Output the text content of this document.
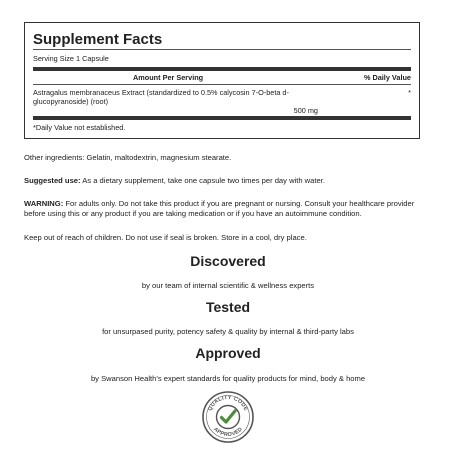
Supplement Facts
Serving Size 1 Capsule
Amount Per Serving	% Daily Value
Astragalus membranaceus Extract (standardized to 0.5% calycosin 7-O-beta d-glucopyranoside) (root)
500 mg
*
*Daily Value not established.

Other ingredients: Gelatin, maltodextrin, magnesium stearate.

Suggested use: As a dietary supplement, take one capsule two times per day with water.

WARNING: For adults only. Do not take this product if you are pregnant or nursing. Consult your healthcare provider before using this or any product if you are taking medication or if you have an autoimmune condition.

Keep out of reach of children. Do not use if seal is broken. Store in a cool, dry place.

Discovered

by our team of internal scientific & wellness experts

Tested

for unsurpased purity, potency safety & quality by internal & third-party labs

Approved

by Swanson Health's expert standards for quality products for mind, body & home

QUALITY CODE
APPROVED
